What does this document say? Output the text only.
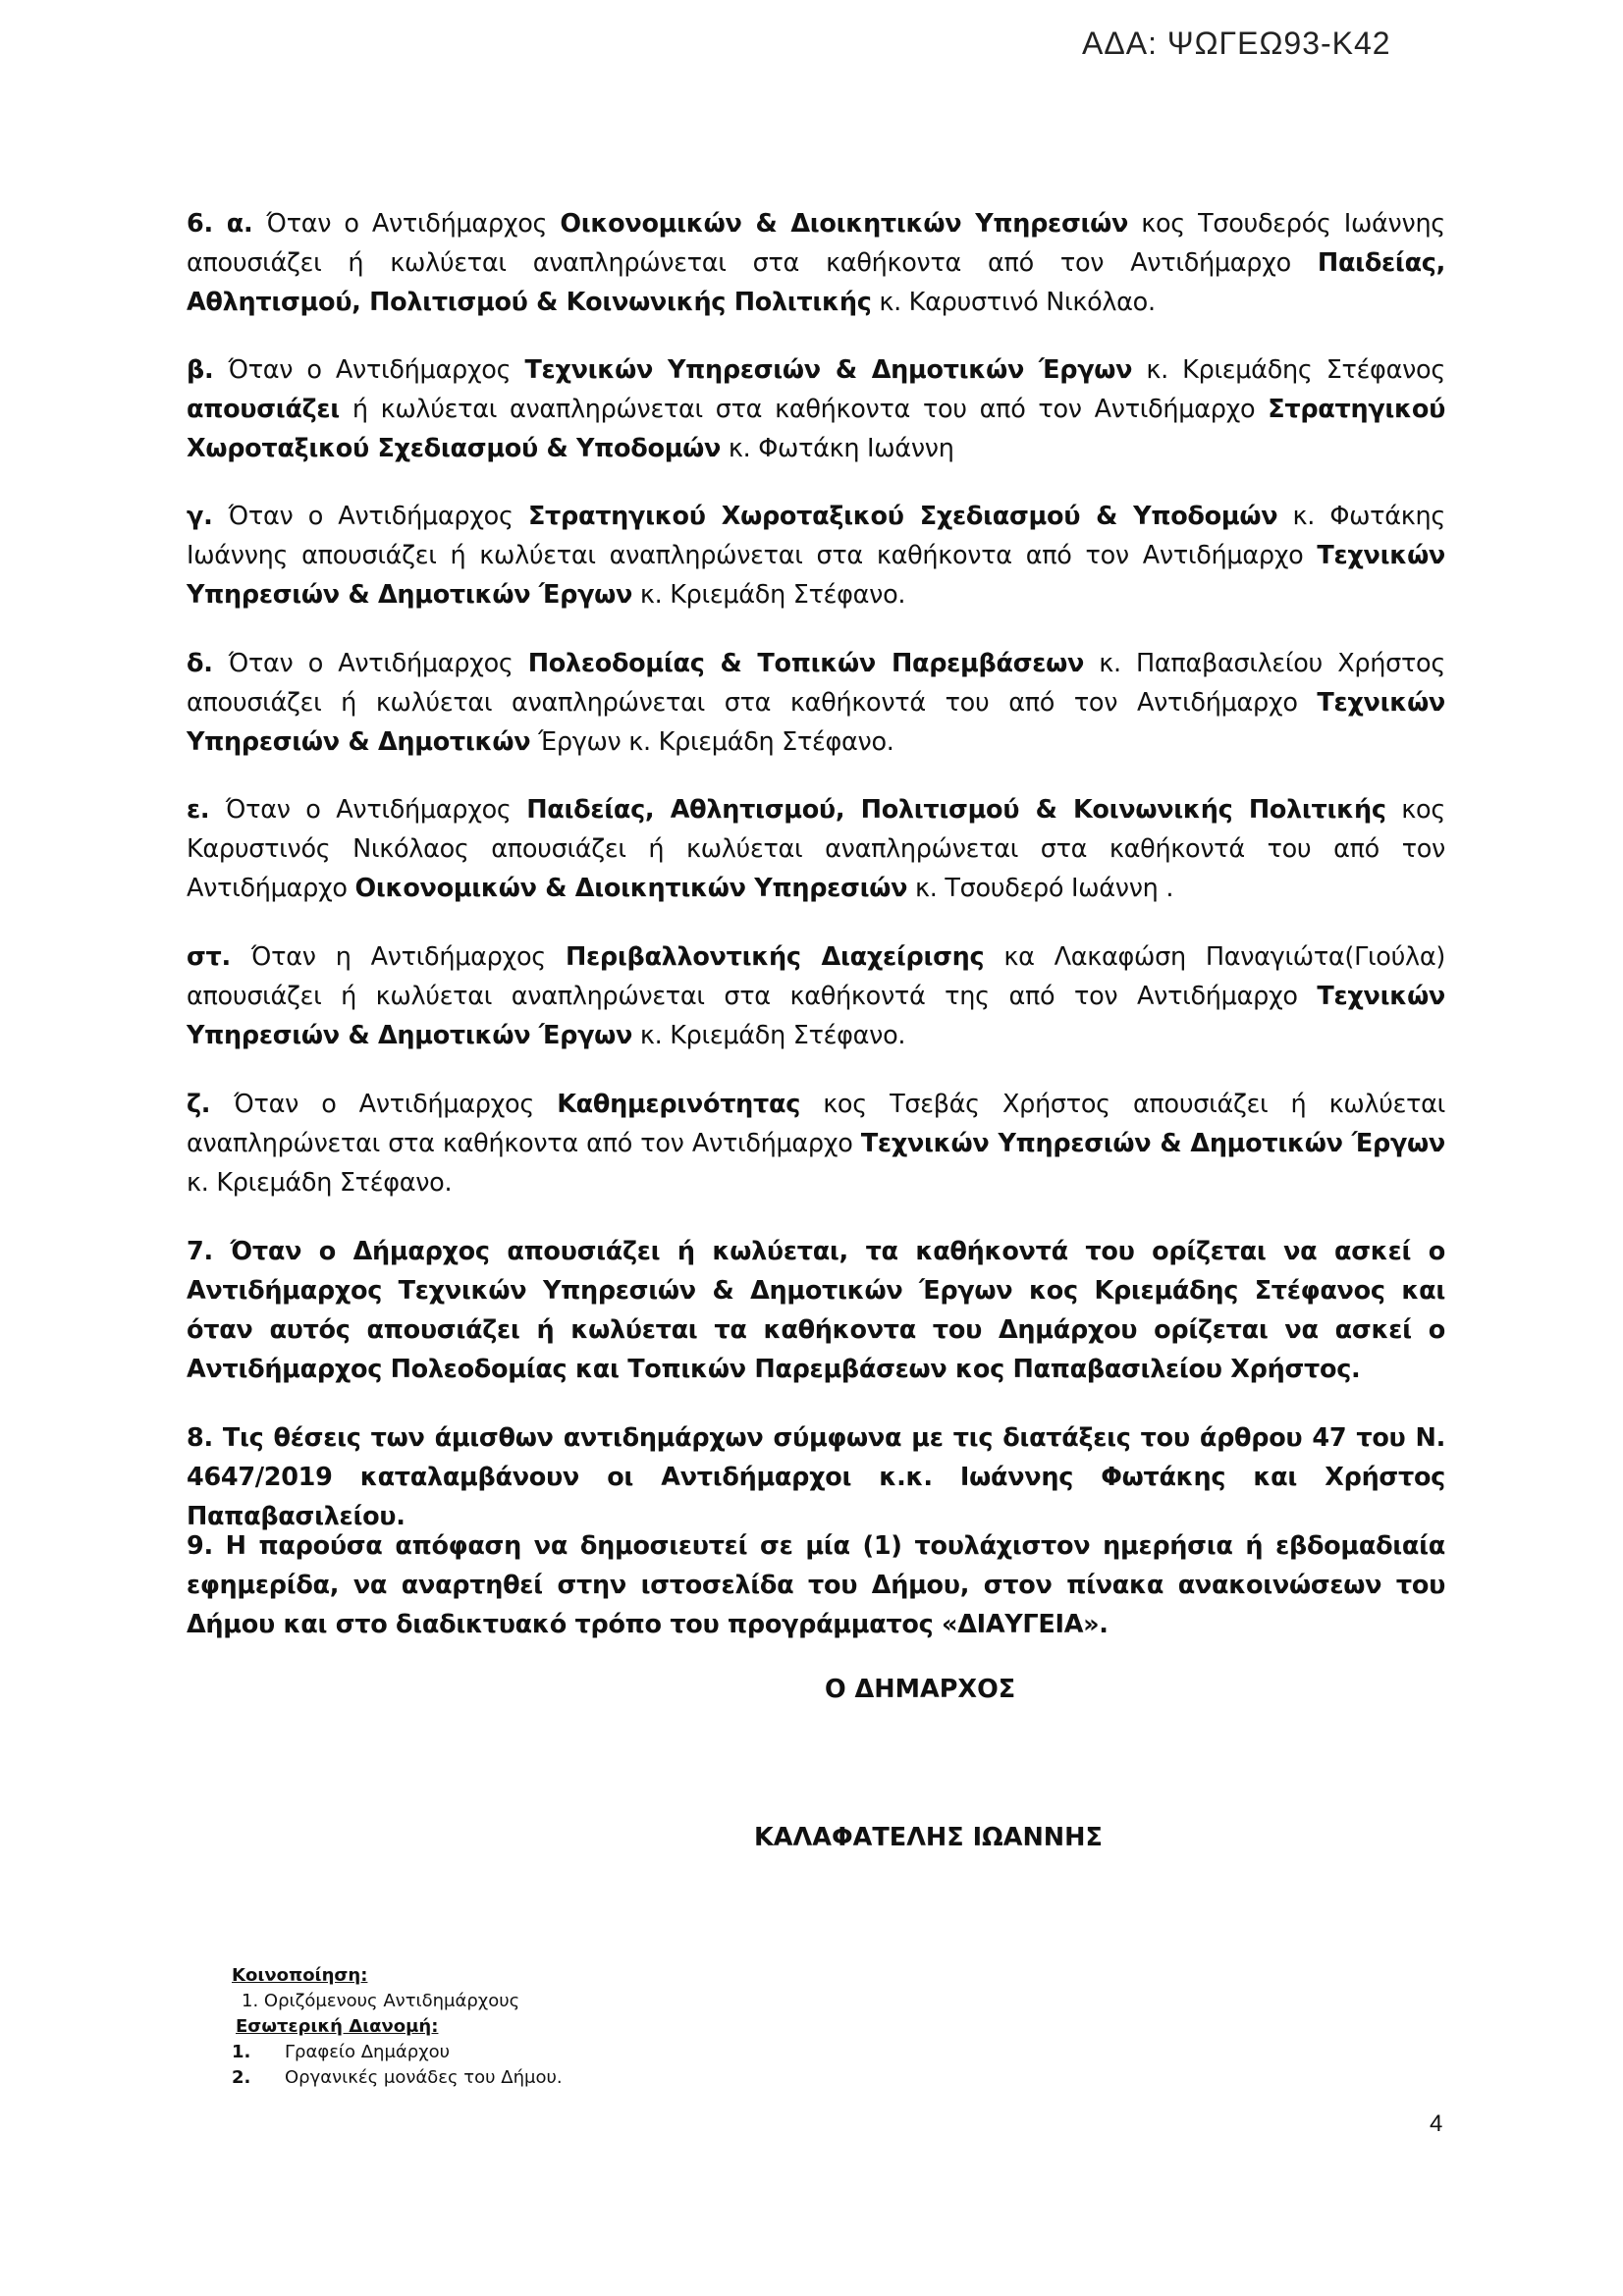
ΑΔΑ: ΨΩΓΕΩ93-Κ42

6. α. Όταν ο Αντιδήμαρχος Οικονομικών & Διοικητικών Υπηρεσιών κος Τσουδερός Ιωάννης απουσιάζει ή κωλύεται αναπληρώνεται στα καθήκοντα από τον Αντιδήμαρχο Παιδείας, Αθλητισμού, Πολιτισμού & Κοινωνικής Πολιτικής κ. Καρυστινό Νικόλαο.

β. Όταν ο Αντιδήμαρχος Τεχνικών Υπηρεσιών & Δημοτικών Έργων κ. Κριεμάδης Στέφανος απουσιάζει ή κωλύεται αναπληρώνεται στα καθήκοντα του από τον Αντιδήμαρχο Στρατηγικού Χωροταξικού Σχεδιασμού & Υποδομών κ. Φωτάκη Ιωάννη

γ. Όταν ο Αντιδήμαρχος Στρατηγικού Χωροταξικού Σχεδιασμού & Υποδομών κ. Φωτάκης Ιωάννης απουσιάζει ή κωλύεται αναπληρώνεται στα καθήκοντα από τον Αντιδήμαρχο Τεχνικών Υπηρεσιών & Δημοτικών Έργων κ. Κριεμάδη Στέφανο.

δ. Όταν ο Αντιδήμαρχος Πολεοδομίας & Τοπικών Παρεμβάσεων κ. Παπαβασιλείου Χρήστος απουσιάζει ή κωλύεται αναπληρώνεται στα καθήκοντά του από τον Αντιδήμαρχο Τεχνικών Υπηρεσιών & Δημοτικών Έργων κ. Κριεμάδη Στέφανο.

ε. Όταν ο Αντιδήμαρχος Παιδείας, Αθλητισμού, Πολιτισμού & Κοινωνικής Πολιτικής κος Καρυστινός Νικόλαος απουσιάζει ή κωλύεται αναπληρώνεται στα καθήκοντά του από τον Αντιδήμαρχο Οικονομικών & Διοικητικών Υπηρεσιών κ. Τσουδερό Ιωάννη .

στ. Όταν η Αντιδήμαρχος Περιβαλλοντικής Διαχείρισης κα Λακαφώση Παναγιώτα(Γιούλα) απουσιάζει ή κωλύεται αναπληρώνεται στα καθήκοντά της από τον Αντιδήμαρχο Τεχνικών Υπηρεσιών & Δημοτικών Έργων κ. Κριεμάδη Στέφανο.

ζ. Όταν ο Αντιδήμαρχος Καθημερινότητας κος Τσεβάς Χρήστος απουσιάζει ή κωλύεται αναπληρώνεται στα καθήκοντα από τον Αντιδήμαρχο Τεχνικών Υπηρεσιών & Δημοτικών Έργων κ. Κριεμάδη Στέφανο.

7. Όταν ο Δήμαρχος απουσιάζει ή κωλύεται, τα καθήκοντά του ορίζεται να ασκεί ο Αντιδήμαρχος Τεχνικών Υπηρεσιών & Δημοτικών Έργων κος Κριεμάδης Στέφανος και όταν αυτός απουσιάζει ή κωλύεται τα καθήκοντα του Δημάρχου ορίζεται να ασκεί ο Αντιδήμαρχος Πολεοδομίας και Τοπικών Παρεμβάσεων κος Παπαβασιλείου Χρήστος.

8. Τις θέσεις των άμισθων αντιδημάρχων σύμφωνα με τις διατάξεις του άρθρου 47 του Ν. 4647/2019 καταλαμβάνουν οι Αντιδήμαρχοι κ.κ. Ιωάννης Φωτάκης και Χρήστος Παπαβασιλείου.

9. Η παρούσα απόφαση να δημοσιευτεί σε μία (1) τουλάχιστον ημερήσια ή εβδομαδιαία εφημερίδα, να αναρτηθεί στην ιστοσελίδα του Δήμου, στον πίνακα ανακοινώσεων του Δήμου και στο διαδικτυακό τρόπο του προγράμματος «ΔΙΑΥΓΕΙΑ».

Ο ΔΗΜΑΡΧΟΣ
ΚΑΛΑΦΑΤΕΛΗΣ ΙΩΑΝΝΗΣ
Κοινοποίηση:
1. Οριζόμενους Αντιδημάρχους
Εσωτερική Διανομή:
1.	Γραφείο Δημάρχου
2.	Οργανικές μονάδες του Δήμου.
4
